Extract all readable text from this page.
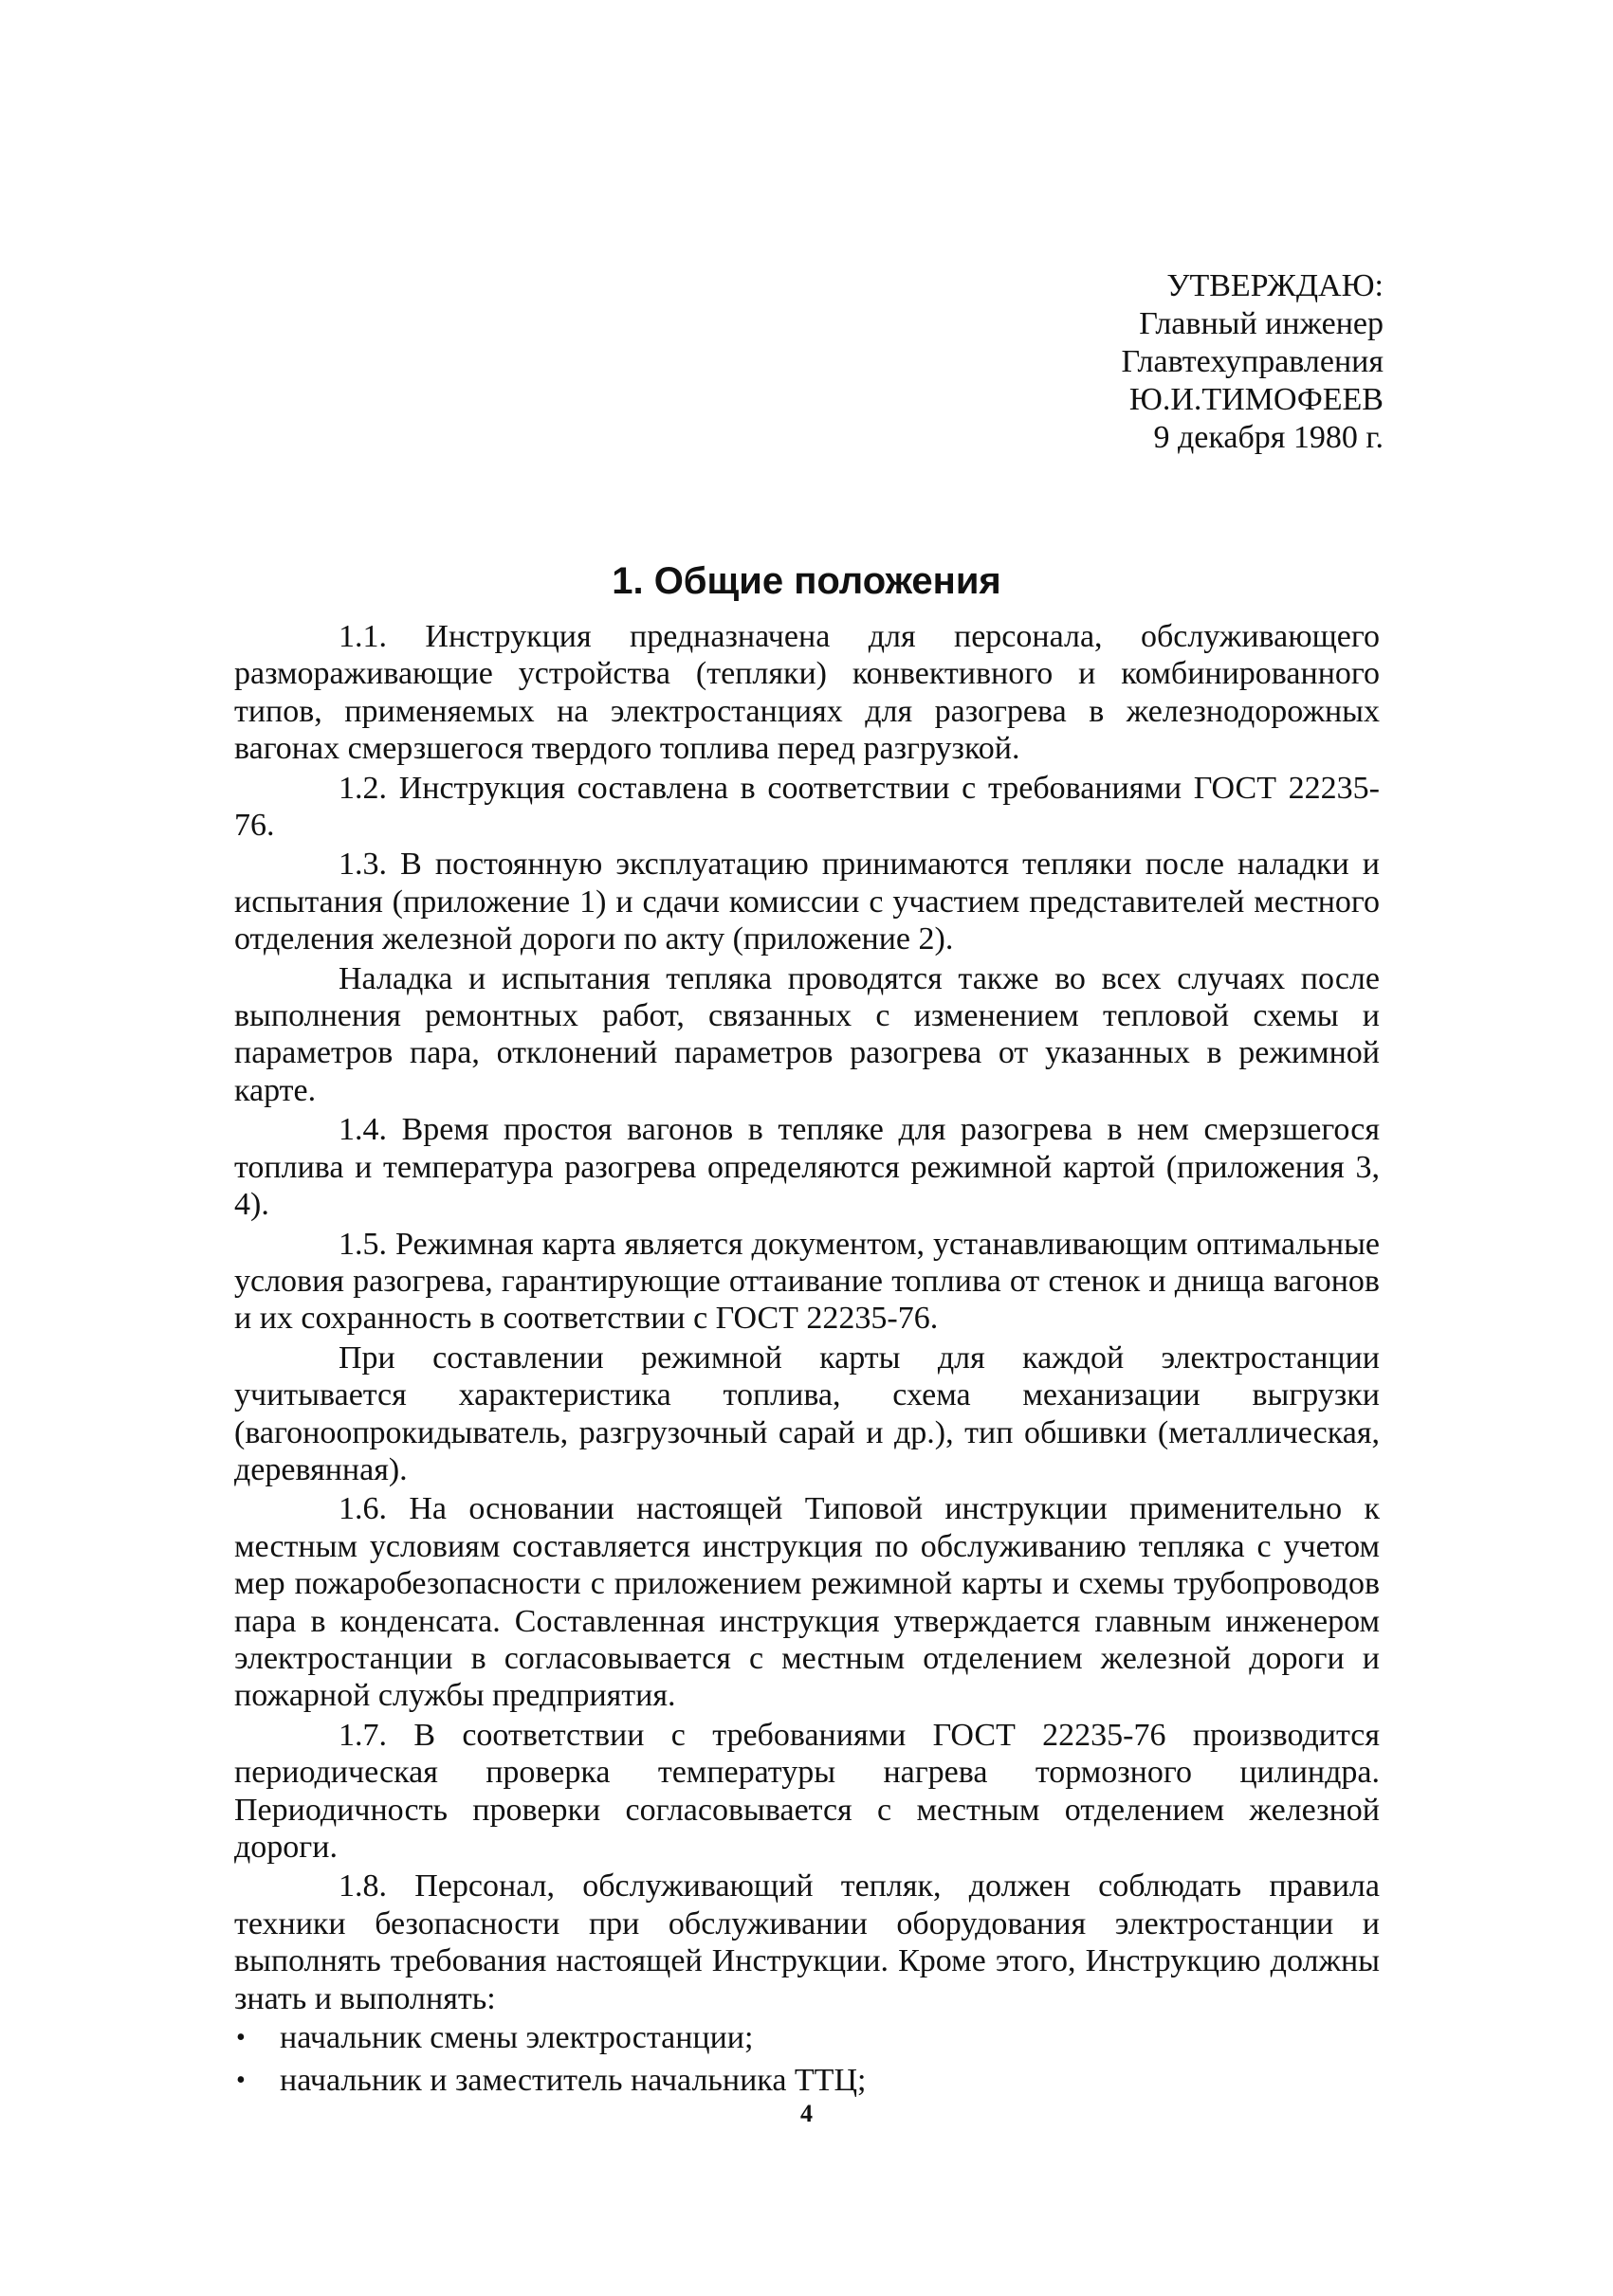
УТВЕРЖДАЮ:
Главный инженер
Главтехуправления
Ю.И.ТИМОФЕЕВ
9 декабря 1980 г.
1. Общие положения

1.1. Инструкция предназначена для персонала, обслуживающего размораживающие устройства (тепляки) конвективного и комбинированного типов, применяемых на электростанциях для разогрева в железнодорожных вагонах смерзшегося твердого топлива перед разгрузкой.

1.2. Инструкция составлена в соответствии с требованиями ГОСТ 22235-76.

1.3. В постоянную эксплуатацию принимаются тепляки после наладки и испытания (приложение 1) и сдачи комиссии с участием представителей местного отделения железной дороги по акту (приложение 2).

Наладка и испытания тепляка проводятся также во всех случаях после выполнения ремонтных работ, связанных с изменением тепловой схемы и параметров пара, отклонений параметров разогрева от указанных в режимной карте.

1.4. Время простоя вагонов в тепляке для разогрева в нем смерзшегося топлива и температура разогрева определяются режимной картой (приложения 3, 4).

1.5. Режимная карта является документом, устанавливающим оптимальные условия разогрева, гарантирующие оттаивание топлива от стенок и днища вагонов и их сохранность в соответствии с ГОСТ 22235-76.

При составлении режимной карты для каждой электростанции учитывается характеристика топлива, схема механизации выгрузки (вагоноопрокидыватель, разгрузочный сарай и др.), тип обшивки (металлическая, деревянная).

1.6. На основании настоящей Типовой инструкции применительно к местным условиям составляется инструкция по обслуживанию тепляка с учетом мер пожаробезопасности с приложением режимной карты и схемы трубопроводов пара в конденсата. Составленная инструкция утверждается главным инженером электростанции в согласовывается с местным отделением железной дороги и пожарной службы предприятия.

1.7. В соответствии с требованиями ГОСТ 22235-76 производится периодическая проверка температуры нагрева тормозного цилиндра. Периодичность проверки согласовывается с местным отделением железной дороги.

1.8. Персонал, обслуживающий тепляк, должен соблюдать правила техники безопасности при обслуживании оборудования электростанции и выполнять требования настоящей Инструкции. Кроме этого, Инструкцию должны знать и выполнять:

• начальник смены электростанции;
• начальник и заместитель начальника ТТЦ;
4
